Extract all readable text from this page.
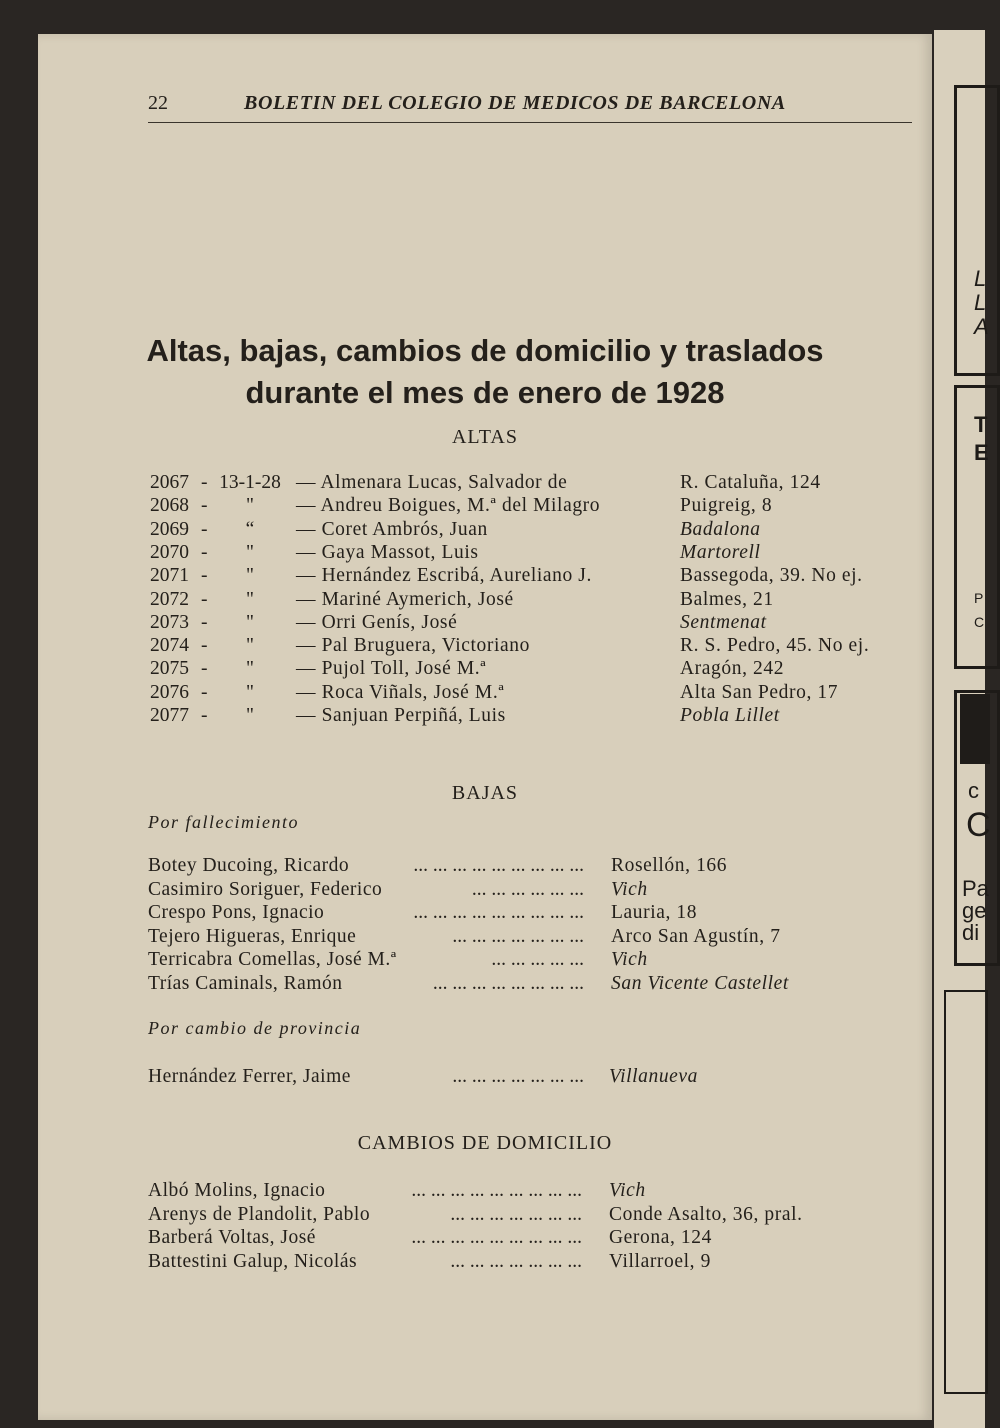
22	BOLETIN DEL COLEGIO DE MEDICOS DE BARCELONA
Altas, bajas, cambios de domicilio y traslados
durante el mes de enero de 1928
ALTAS
2067 - 13-1-28 — Almenara Lucas, Salvador de	R. Cataluña, 124
2068 -	"	— Andreu Boigues, M.ª del Milagro	Puigreig, 8
2069 -	“	— Coret Ambrós, Juan	Badalona
2070 -	"	— Gaya Massot, Luis	Martorell
2071 -	"	— Hernández Escribá, Aureliano J.	Bassegoda, 39. No ej.
2072 -	"	— Mariné Aymerich, José	Balmes, 21
2073 -	"	— Orri Genís, José	Sentmenat
2074 -	"	— Pal Bruguera, Victoriano	R. S. Pedro, 45. No ej.
2075 -	"	— Pujol Toll, José M.ª	Aragón, 242
2076 -	"	— Roca Viñals, José M.ª	Alta San Pedro, 17
2077 -	"	— Sanjuan Perpiñá, Luis	Pobla Lillet
BAJAS
Por fallecimiento
Botey Ducoing, Ricardo	... ... ... ... ... ... ... ... ... Rosellón, 166
Casimiro Soriguer, Federico	... ... ... ... ... ... Vich
Crespo Pons, Ignacio	... ... ... ... ... ... ... ... ... Lauria, 18
Tejero Higueras, Enrique	... ... ... ... ... ... ... Arco San Agustín, 7
Terricabra Comellas, José M.ª	... ... ... ... ... Vich
Trías Caminals, Ramón	... ... ... ... ... ... ... ... San Vicente Castellet
Por cambio de provincia
Hernández Ferrer, Jaime	... ... ... ... ... ... ... Villanueva
CAMBIOS DE DOMICILIO
Albó Molins, Ignacio	... ... ... ... ... ... ... ... ... Vich
Arenys de Plandolit, Pablo	... ... ... ... ... ... ... Conde Asalto, 36, pral.
Barberá Voltas, José	... ... ... ... ... ... ... ... ... Gerona, 124
Battestini Galup, Nicolás	... ... ... ... ... ... ... Villarroel, 9
L
L
A
T
E
P
C
c
C
Pa
ge
di
